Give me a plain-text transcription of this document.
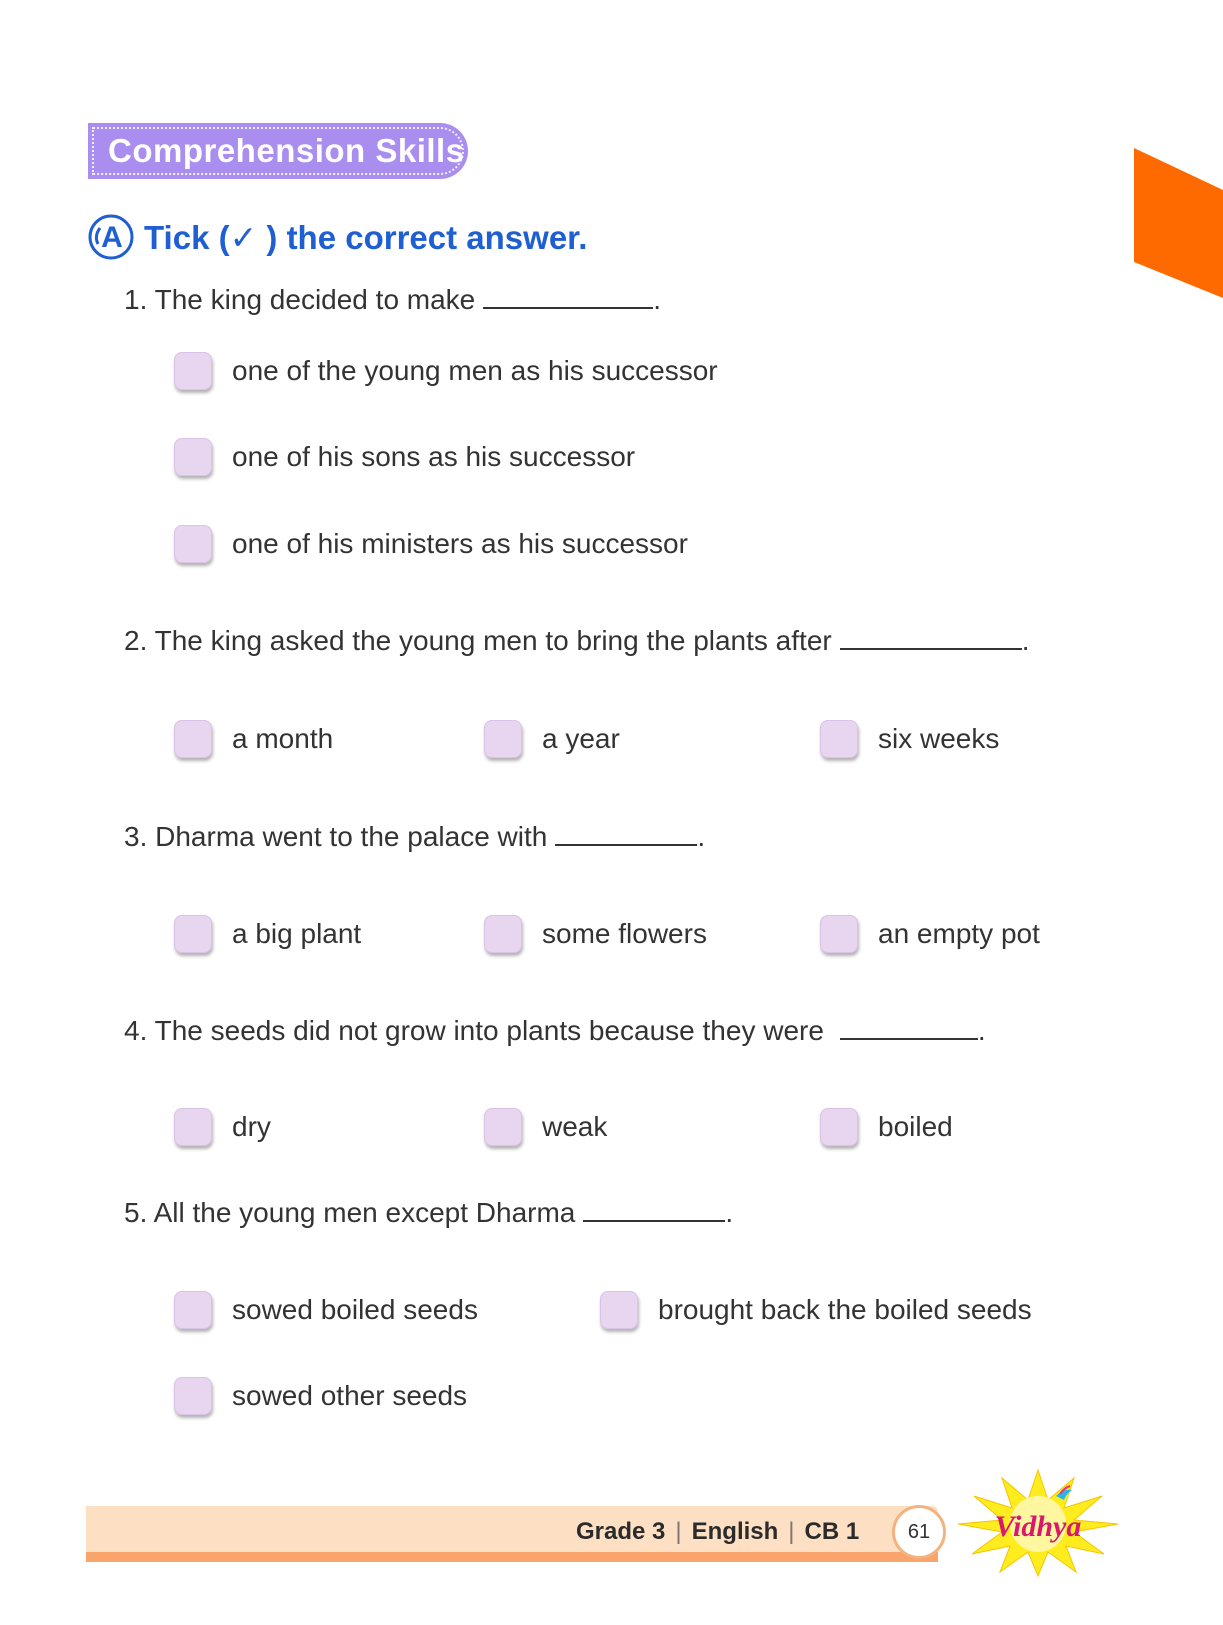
Comprehension Skills
A Tick (✓ ) the correct answer.
1. The king decided to make	.
one of the young men as his successor
one of his sons as his successor
one of his ministers as his successor
2. The king asked the young men to bring the plants after	.
a month	a year	six weeks
3. Dharma went to the palace with	.
a big plant	some flowers	an empty pot
4. The seeds did not grow into plants because they were	.
dry	weak	boiled
5. All the young men except Dharma	.
sowed boiled seeds	brought back the boiled seeds
sowed other seeds
Grade 3 | English | CB 1	61	Vidhya
